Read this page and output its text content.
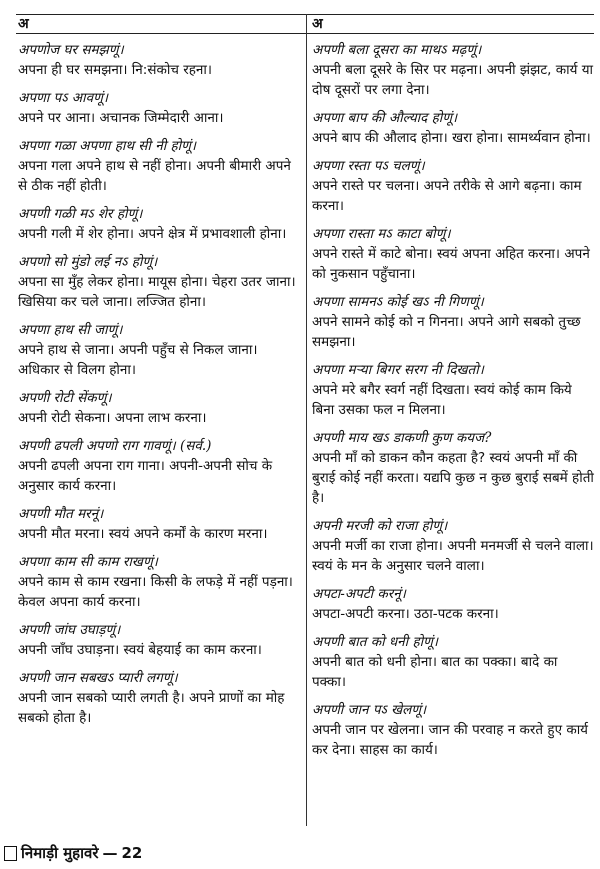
अ	अ
अपणोज घर समझणूं।
अपना ही घर समझना। नि:संकोच रहना।
अपणा पऽ आवणूं।
अपने पर आना। अचानक जिम्मेदारी आना।
अपणा गळा अपणा हाथ सी नी होणूं।
अपना गला अपने हाथ से नहीं होना। अपनी बीमारी अपने से ठीक नहीं होती।
अपणी गळी मऽ शेर होणूं।
अपनी गली में शेर होना। अपने क्षेत्र में प्रभावशाली होना।
अपणो सो मुंडो लई नऽ होणूं।
अपना सा मुँह लेकर होना। मायूस होना। चेहरा उतर जाना। खिसिया कर चले जाना। लज्जित होना।
अपणा हाथ सी जाणूं।
अपने हाथ से जाना। अपनी पहुँच से निकल जाना। अधिकार से विलग होना।
अपणी रोटी सेंकणूं।
अपनी रोटी सेकना। अपना लाभ करना।
अपणी ढपली अपणो राग गावणूं। (सर्व.)
अपनी ढपली अपना राग गाना। अपनी-अपनी सोच के अनुसार कार्य करना।
अपणी मौत मरनूं।
अपनी मौत मरना। स्वयं अपने कर्मों के कारण मरना।
अपणा काम सी काम राखणूं।
अपने काम से काम रखना। किसी के लफड़े में नहीं पड़ना। केवल अपना कार्य करना।
अपणी जांघ उघाड़णूं।
अपनी जाँघ उघाड़ना। स्वयं बेहयाई का काम करना।
अपणी जान सबखऽ प्यारी लगणूं।
अपनी जान सबको प्यारी लगती है। अपने प्राणों का मोह सबको होता है।
अपणी बला दूसरा का माथऽ मढ़णूं।
अपनी बला दूसरे के सिर पर मढ़ना। अपनी झंझट, कार्य या दोष दूसरों पर लगा देना।
अपणा बाप की औल्याद होणूं।
अपने बाप की औलाद होना। खरा होना। सामर्थ्यवान होना।
अपणा रस्ता पऽ चलणूं।
अपने रास्ते पर चलना। अपने तरीके से आगे बढ़ना। काम करना।
अपणा रास्ता मऽ काटा बोणूं।
अपने रास्ते में काटे बोना। स्वयं अपना अहित करना। अपने को नुकसान पहुँचाना।
अपणा सामनऽ कोई खऽ नी गिणणूं।
अपने सामने कोई को न गिनना। अपने आगे सबको तुच्छ समझना।
अपणा मर्‍या बिगर सरग नी दिखतो।
अपने मरे बगैर स्वर्ग नहीं दिखता। स्वयं कोई काम किये बिना उसका फल न मिलना।
अपणी माय खऽ डाकणी कुण कयज?
अपनी माँ को डाकन कौन कहता है? स्वयं अपनी माँ की बुराई कोई नहीं करता। यद्यपि कुछ न कुछ बुराई सबमें होती है।
अपनी मरजी को राजा होणूं।
अपनी मर्जी का राजा होना। अपनी मनमर्जी से चलने वाला। स्वयं के मन के अनुसार चलने वाला।
अपटा-अपटी करनूं।
अपटा-अपटी करना। उठा-पटक करना।
अपणी बात को धनी होणूं।
अपनी बात को धनी होना। बात का पक्का। बादे का पक्का।
अपणी जान पऽ खेलणूं।
अपनी जान पर खेलना। जान की परवाह न करते हुए कार्य कर देना। साहस का कार्य।
निमाड़ी मुहावरे — 22
